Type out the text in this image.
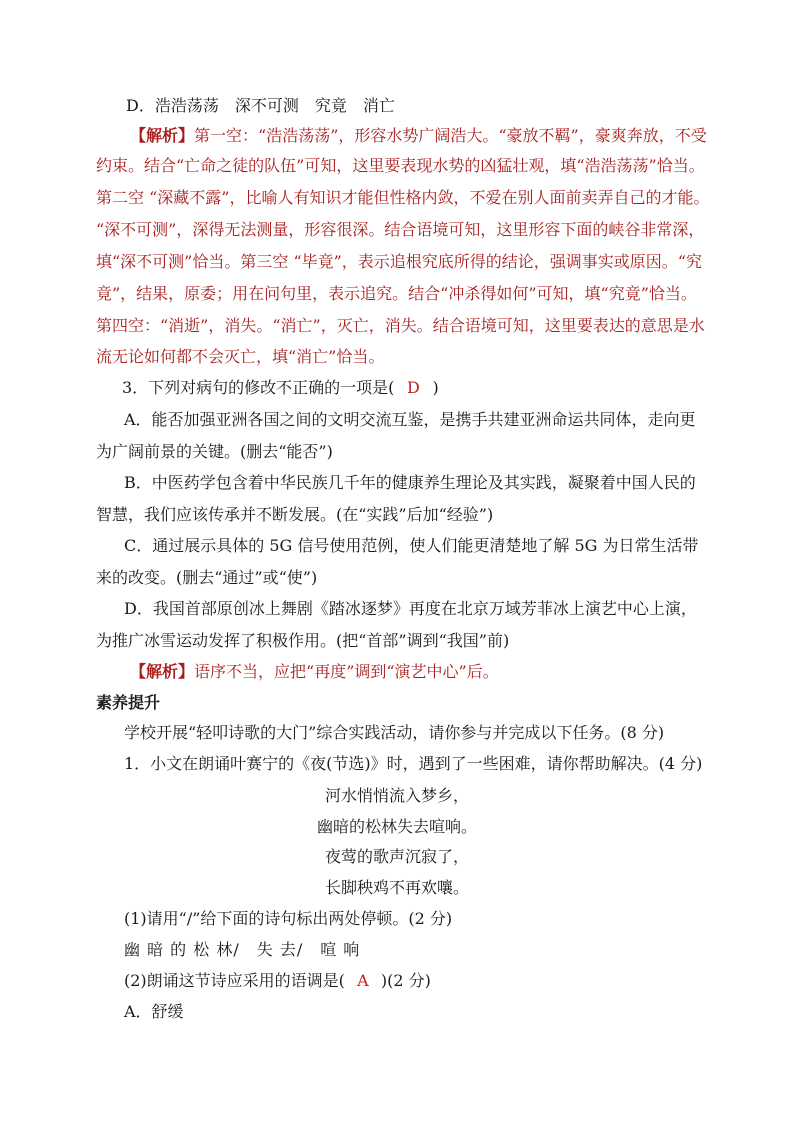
D．浩浩荡荡　深不可测　究竟　消亡
【解析】第一空：“浩浩荡荡”，形容水势广阔浩大。“豪放不羁”，豪爽奔放，不受
约束。结合“亡命之徒的队伍”可知，这里要表现水势的凶猛壮观，填“浩浩荡荡”恰当。
第二空 “深藏不露”，比喻人有知识才能但性格内敛，不爱在别人面前卖弄自己的才能。
“深不可测”，深得无法测量，形容很深。结合语境可知，这里形容下面的峡谷非常深，
填“深不可测”恰当。第三空 “毕竟”，表示追根究底所得的结论，强调事实或原因。“究
竟”，结果，原委；用在问句里，表示追究。结合“冲杀得如何”可知，填“究竟”恰当。
第四空：“消逝”，消失。“消亡”，灭亡，消失。结合语境可知，这里要表达的意思是水
流无论如何都不会灭亡，填“消亡”恰当。
3．下列对病句的修改不正确的一项是( D )
A．能否加强亚洲各国之间的文明交流互鉴，是携手共建亚洲命运共同体，走向更
为广阔前景的关键。(删去“能否”)
B．中医药学包含着中华民族几千年的健康养生理论及其实践，凝聚着中国人民的
智慧，我们应该传承并不断发展。(在“实践”后加“经验”)
C．通过展示具体的 5G 信号使用范例，使人们能更清楚地了解 5G 为日常生活带
来的改变。(删去“通过”或“使”)
D．我国首部原创冰上舞剧《踏冰逐梦》再度在北京万域芳菲冰上演艺中心上演，
为推广冰雪运动发挥了积极作用。(把“首部”调到“我国”前)
【解析】语序不当，应把“再度”调到“演艺中心”后。
素养提升
学校开展“轻叩诗歌的大门”综合实践活动，请你参与并完成以下任务。(8 分)
1．小文在朗诵叶赛宁的《夜(节选)》时，遇到了一些困难，请你帮助解决。(4 分)
河水悄悄流入梦乡，
幽暗的松林失去喧响。
夜莺的歌声沉寂了，
长脚秧鸡不再欢嚷。
(1)请用“/”给下面的诗句标出两处停顿。(2 分)
幽 暗 的 松 林/　失 去/　喧 响
(2)朗诵这节诗应采用的语调是( A )(2 分)
A．舒缓
